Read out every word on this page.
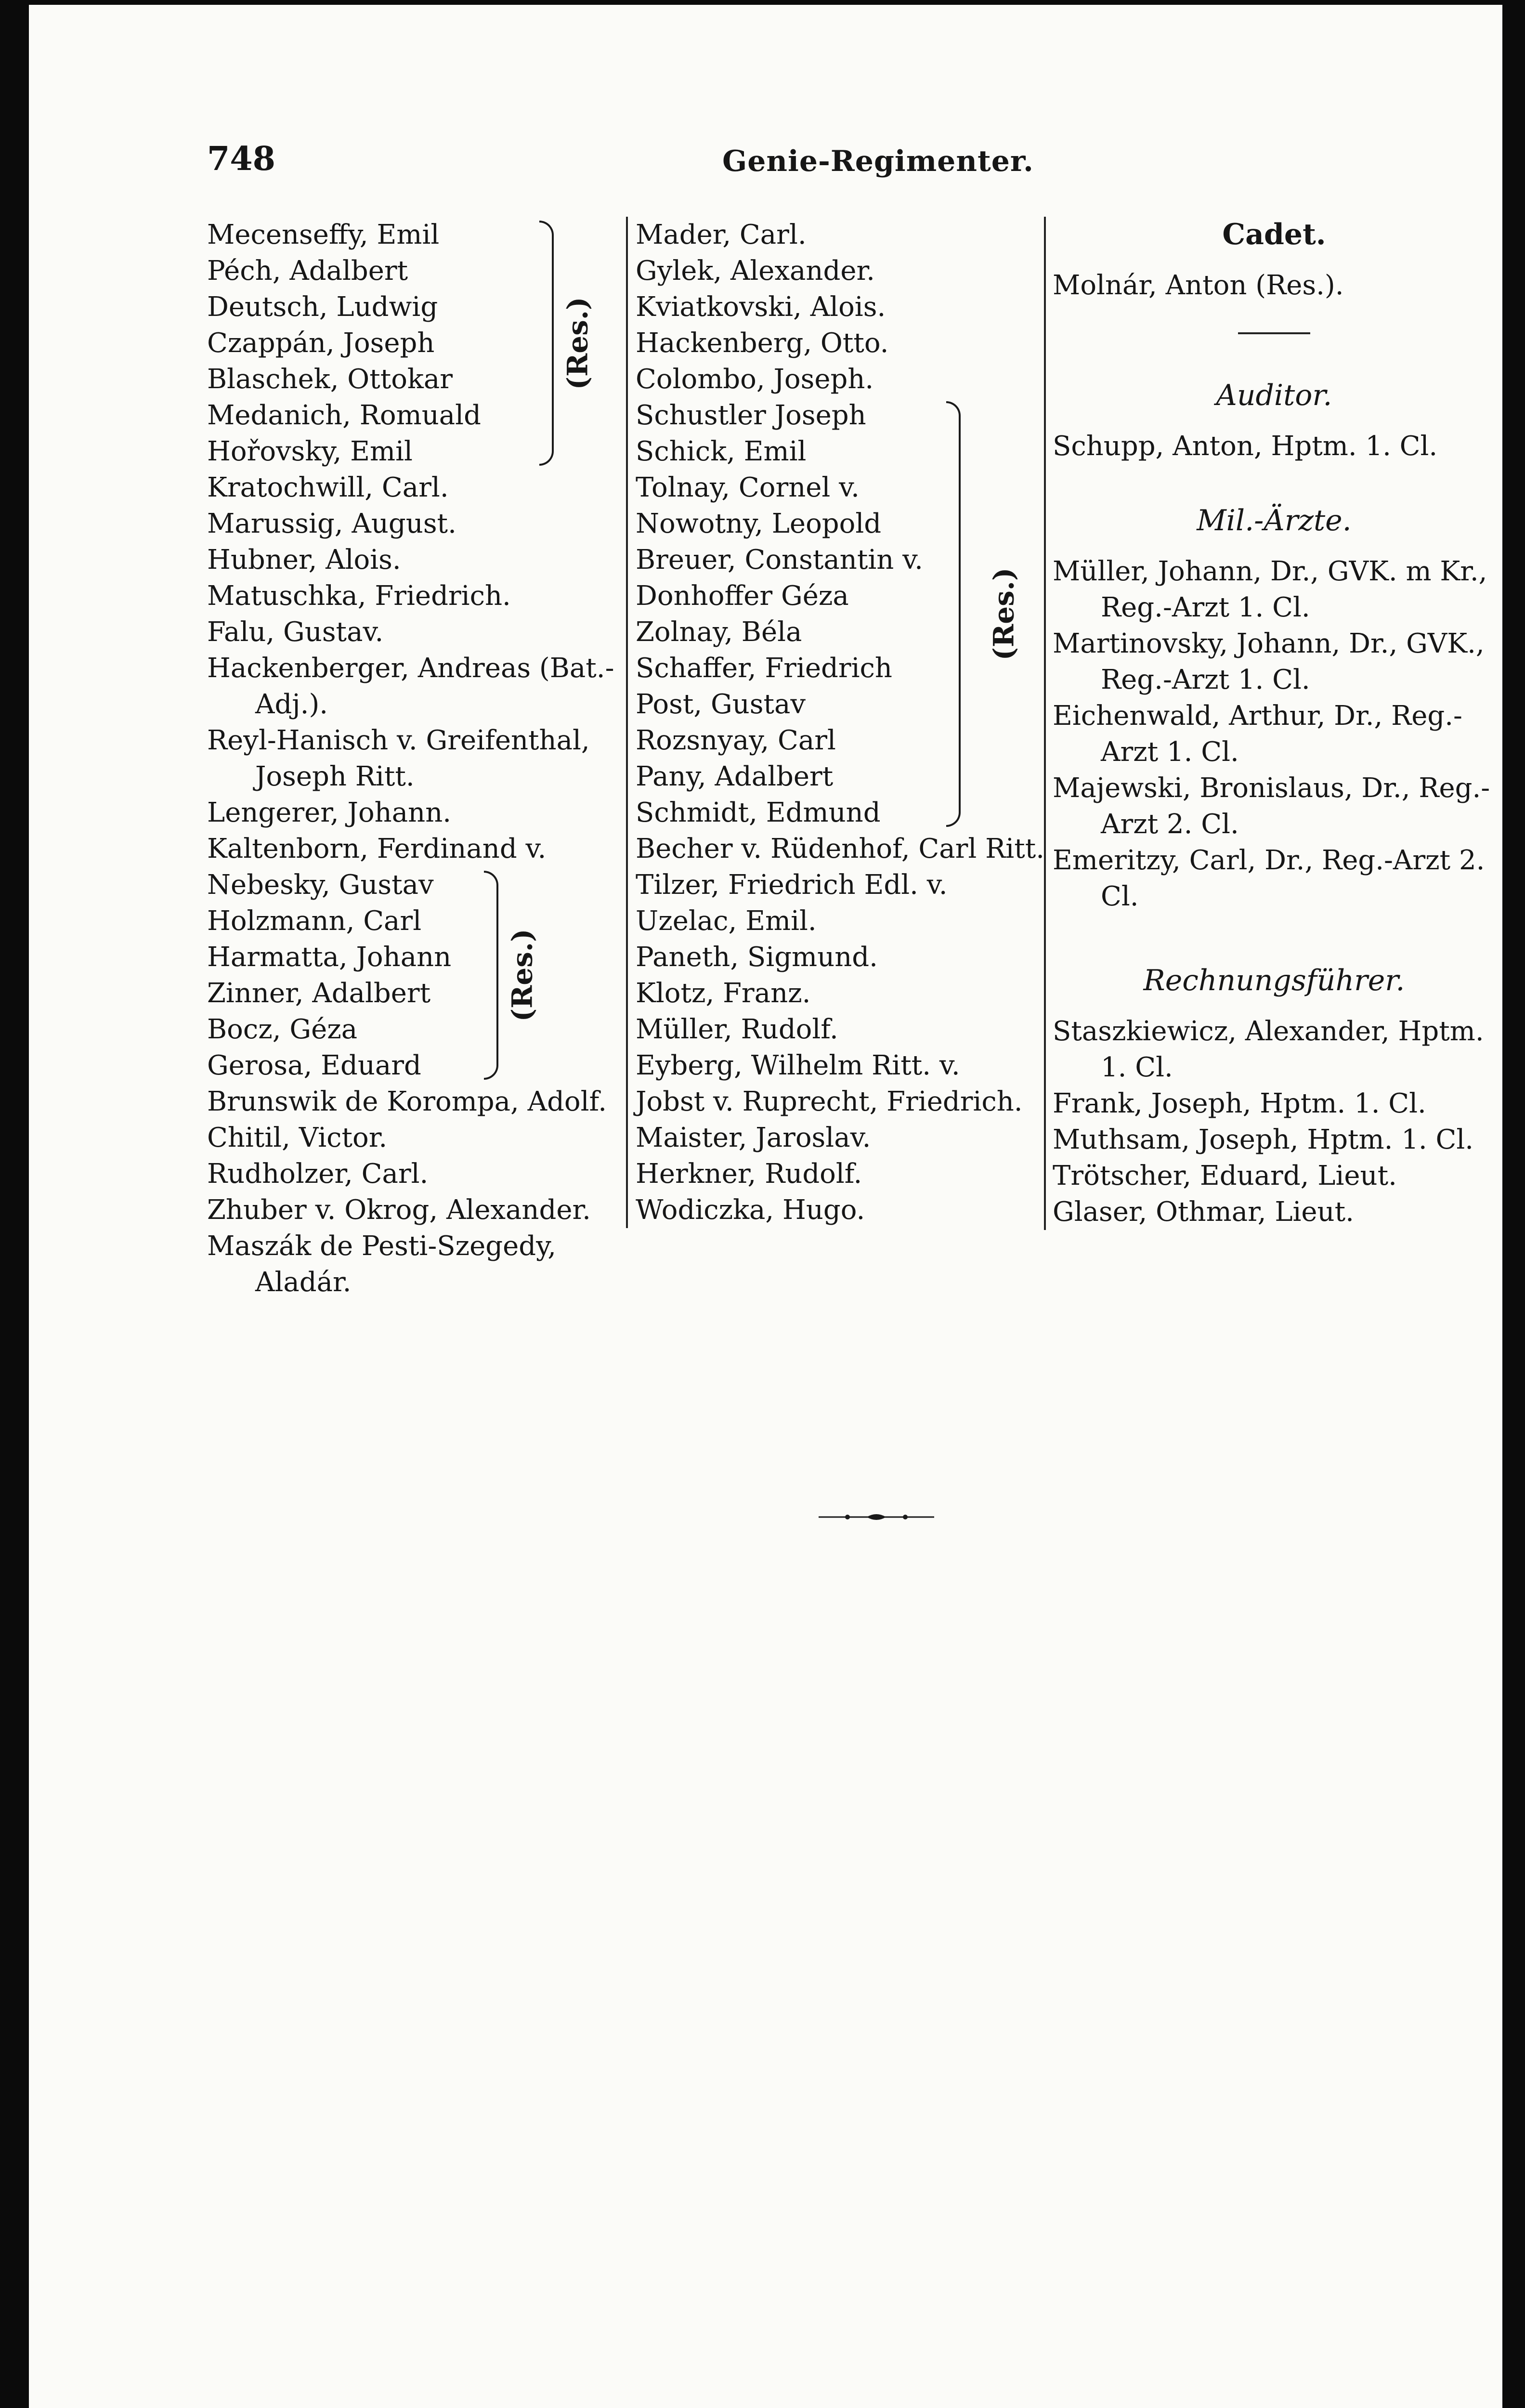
748	Genie-Regimenter.
Mecenseffy, Emil
Péch, Adalbert
Deutsch, Ludwig
Czappán, Joseph
Blaschek, Ottokar
Medanich, Romuald
Hořovsky, Emil
(Res.)
Kratochwill, Carl.
Marussig, August.
Hubner, Alois.
Matuschka, Friedrich.
Falu, Gustav.
Hackenberger, Andreas (Bat.-Adj.).
Reyl-Hanisch v. Greifenthal, Joseph Ritt.
Lengerer, Johann.
Kaltenborn, Ferdinand v.
Nebesky, Gustav
Holzmann, Carl
Harmatta, Johann
Zinner, Adalbert
Bocz, Géza
Gerosa, Eduard
(Res.)
Brunswik de Korompa, Adolf.
Chitil, Victor.
Rudholzer, Carl.
Zhuber v. Okrog, Alexander.
Maszák de Pesti-Szegedy, Aladár.
Mader, Carl.
Gylek, Alexander.
Kviatkovski, Alois.
Hackenberg, Otto.
Colombo, Joseph.
Schustler Joseph
Schick, Emil
Tolnay, Cornel v.
Nowotny, Leopold
Breuer, Constantin v.
Donhoffer Géza
Zolnay, Béla
Schaffer, Friedrich
Post, Gustav
Rozsnyay, Carl
Pany, Adalbert
Schmidt, Edmund
(Res.)
Becher v. Rüdenhof, Carl Ritt.
Tilzer, Friedrich Edl. v.
Uzelac, Emil.
Paneth, Sigmund.
Klotz, Franz.
Müller, Rudolf.
Eyberg, Wilhelm Ritt. v.
Jobst v. Ruprecht, Friedrich.
Maister, Jaroslav.
Herkner, Rudolf.
Wodiczka, Hugo.
Cadet.
Molnár, Anton (Res.).
Auditor.
Schupp, Anton, Hptm. 1. Cl.
Mil.-Ärzte.
Müller, Johann, Dr., GVK. m Kr., Reg.-Arzt 1. Cl.
Martinovsky, Johann, Dr., GVK., Reg.-Arzt 1. Cl.
Eichenwald, Arthur, Dr., Reg.-Arzt 1. Cl.
Majewski, Bronislaus, Dr., Reg.-Arzt 2. Cl.
Emeritzy, Carl, Dr., Reg.-Arzt 2. Cl.
Rechnungsführer.
Staszkiewicz, Alexander, Hptm. 1. Cl.
Frank, Joseph, Hptm. 1. Cl.
Muthsam, Joseph, Hptm. 1. Cl.
Trötscher, Eduard, Lieut.
Glaser, Othmar, Lieut.
